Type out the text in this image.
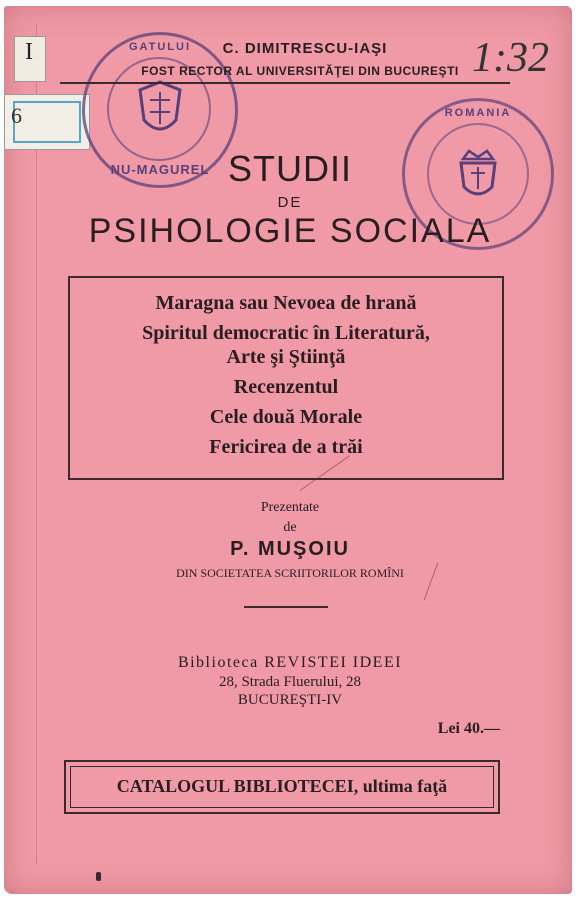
I
6
GATULUI
NU-MAGUREL
ROMANIA
1:32
C. DIMITRESCU-IAŞI
FOST RECTOR AL UNIVERSITĂŢEI DIN BUCUREŞTI
STUDII
DE
PSIHOLOGIE SOCIALA
Maragna sau Nevoea de hrană
Spiritul democratic în Literatură,
Arte şi Ştiinţă
Recenzentul
Cele două Morale
Fericirea de a trăi
Prezentate
de
P. MUŞOIU
DIN SOCIETATEA SCRIITORILOR ROMÎNI
Biblioteca REVISTEI IDEEI
28, Strada Fluerului, 28
BUCUREŞTI-IV
Lei 40.—
CATALOGUL BIBLIOTECEI, ultima faţă
